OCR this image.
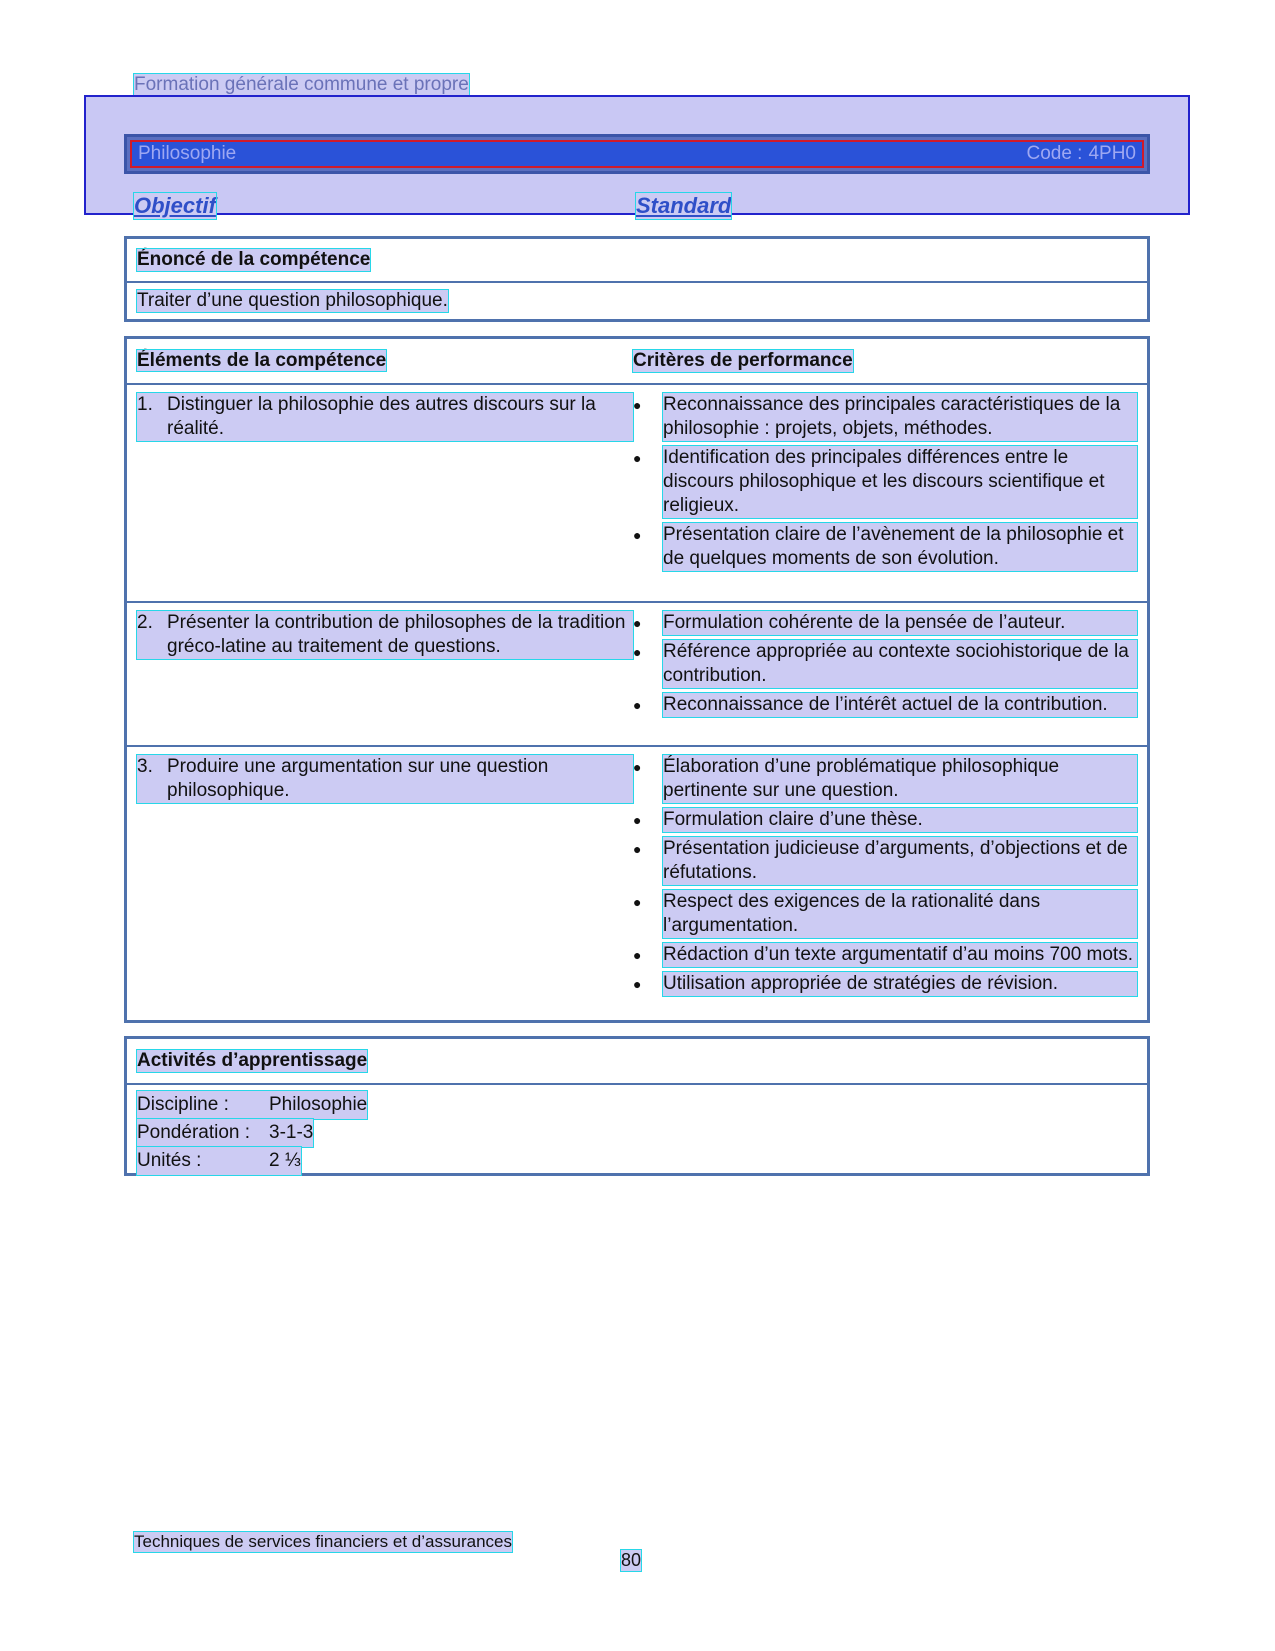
Formation générale commune et propre
Philosophie	Code : 4PH0
Objectif	Standard
Énoncé de la compétence
Traiter d’une question philosophique.
Éléments de la compétence	Critères de performance
1. Distinguer la philosophie des autres discours sur la réalité.
●	Reconnaissance des principales caractéristiques de la philosophie : projets, objets, méthodes.
●	Identification des principales différences entre le discours philosophique et les discours scientifique et religieux.
●	Présentation claire de l’avènement de la philosophie et de quelques moments de son évolution.
2. Présenter la contribution de philosophes de la tradition gréco-latine au traitement de questions.
●	Formulation cohérente de la pensée de l’auteur.
●	Référence appropriée au contexte sociohistorique de la contribution.
●	Reconnaissance de l’intérêt actuel de la contribution.
3. Produire une argumentation sur une question philosophique.
●	Élaboration d’une problématique philosophique pertinente sur une question.
●	Formulation claire d’une thèse.
●	Présentation judicieuse d’arguments, d’objections et de réfutations.
●	Respect des exigences de la rationalité dans l’argumentation.
●	Rédaction d’un texte argumentatif d’au moins 700 mots.
●	Utilisation appropriée de stratégies de révision.
Activités d’apprentissage
Discipline :	Philosophie
Pondération : 3-1-3
Unités :	2 ⅓
Techniques de services financiers et d’assurances
80
